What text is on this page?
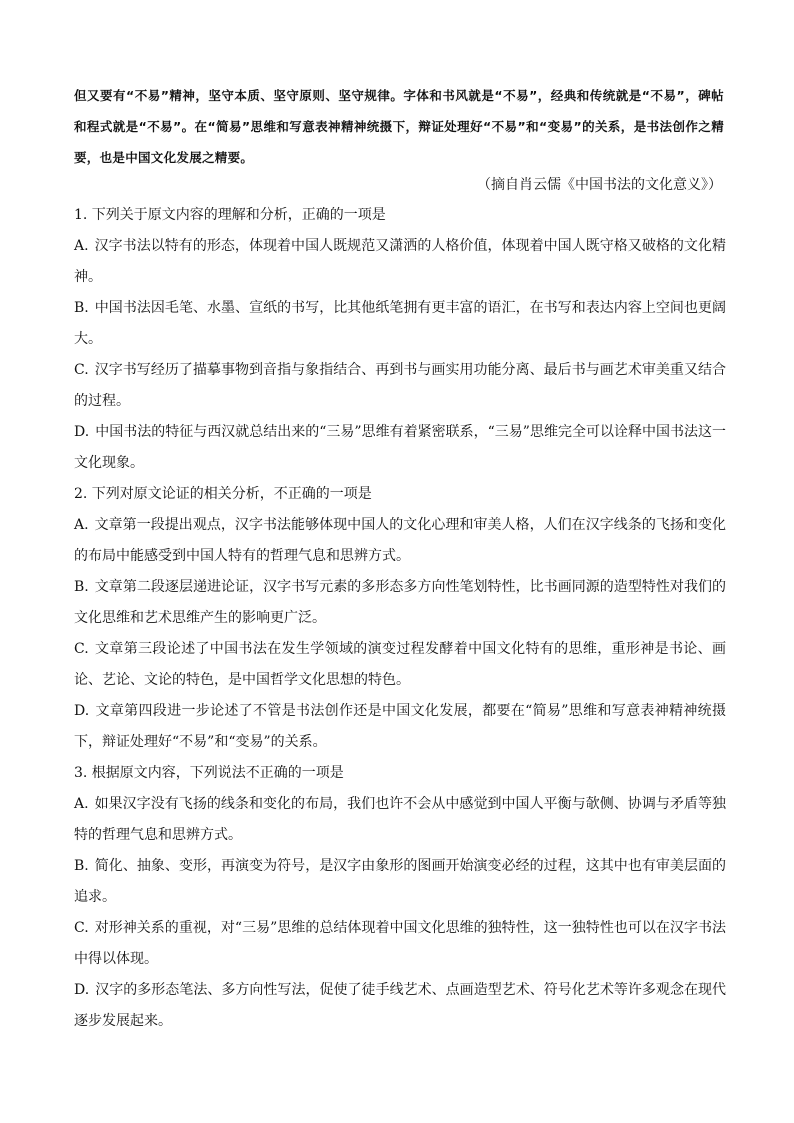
但又要有“不易”精神，坚守本质、坚守原则、坚守规律。字体和书风就是“不易”，经典和传统就是“不易”，碑帖和程式就是“不易”。在“简易”思维和写意表神精神统摄下，辩证处理好“不易”和“变易”的关系，是书法创作之精要，也是中国文化发展之精要。

（摘自肖云儒《中国书法的文化意义》）

1. 下列关于原文内容的理解和分析，正确的一项是

A. 汉字书法以特有的形态，体现着中国人既规范又潇洒的人格价值，体现着中国人既守格又破格的文化精神。

B. 中国书法因毛笔、水墨、宣纸的书写，比其他纸笔拥有更丰富的语汇，在书写和表达内容上空间也更阔大。

C. 汉字书写经历了描摹事物到音指与象指结合、再到书与画实用功能分离、最后书与画艺术审美重又结合的过程。

D. 中国书法的特征与西汉就总结出来的“三易”思维有着紧密联系，“三易”思维完全可以诠释中国书法这一文化现象。

2. 下列对原文论证的相关分析，不正确的一项是

A. 文章第一段提出观点，汉字书法能够体现中国人的文化心理和审美人格，人们在汉字线条的飞扬和变化的布局中能感受到中国人特有的哲理气息和思辨方式。

B. 文章第二段逐层递进论证，汉字书写元素的多形态多方向性笔划特性，比书画同源的造型特性对我们的文化思维和艺术思维产生的影响更广泛。

C. 文章第三段论述了中国书法在发生学领域的演变过程发酵着中国文化特有的思维，重形神是书论、画论、艺论、文论的特色，是中国哲学文化思想的特色。

D. 文章第四段进一步论述了不管是书法创作还是中国文化发展，都要在“简易”思维和写意表神精神统摄下，辩证处理好“不易”和“变易”的关系。

3. 根据原文内容，下列说法不正确的一项是

A. 如果汉字没有飞扬的线条和变化的布局，我们也许不会从中感觉到中国人平衡与欹侧、协调与矛盾等独特的哲理气息和思辨方式。

B. 简化、抽象、变形，再演变为符号，是汉字由象形的图画开始演变必经的过程，这其中也有审美层面的追求。

C. 对形神关系的重视，对“三易”思维的总结体现着中国文化思维的独特性，这一独特性也可以在汉字书法中得以体现。

D. 汉字的多形态笔法、多方向性写法，促使了徒手线艺术、点画造型艺术、符号化艺术等许多观念在现代逐步发展起来。
